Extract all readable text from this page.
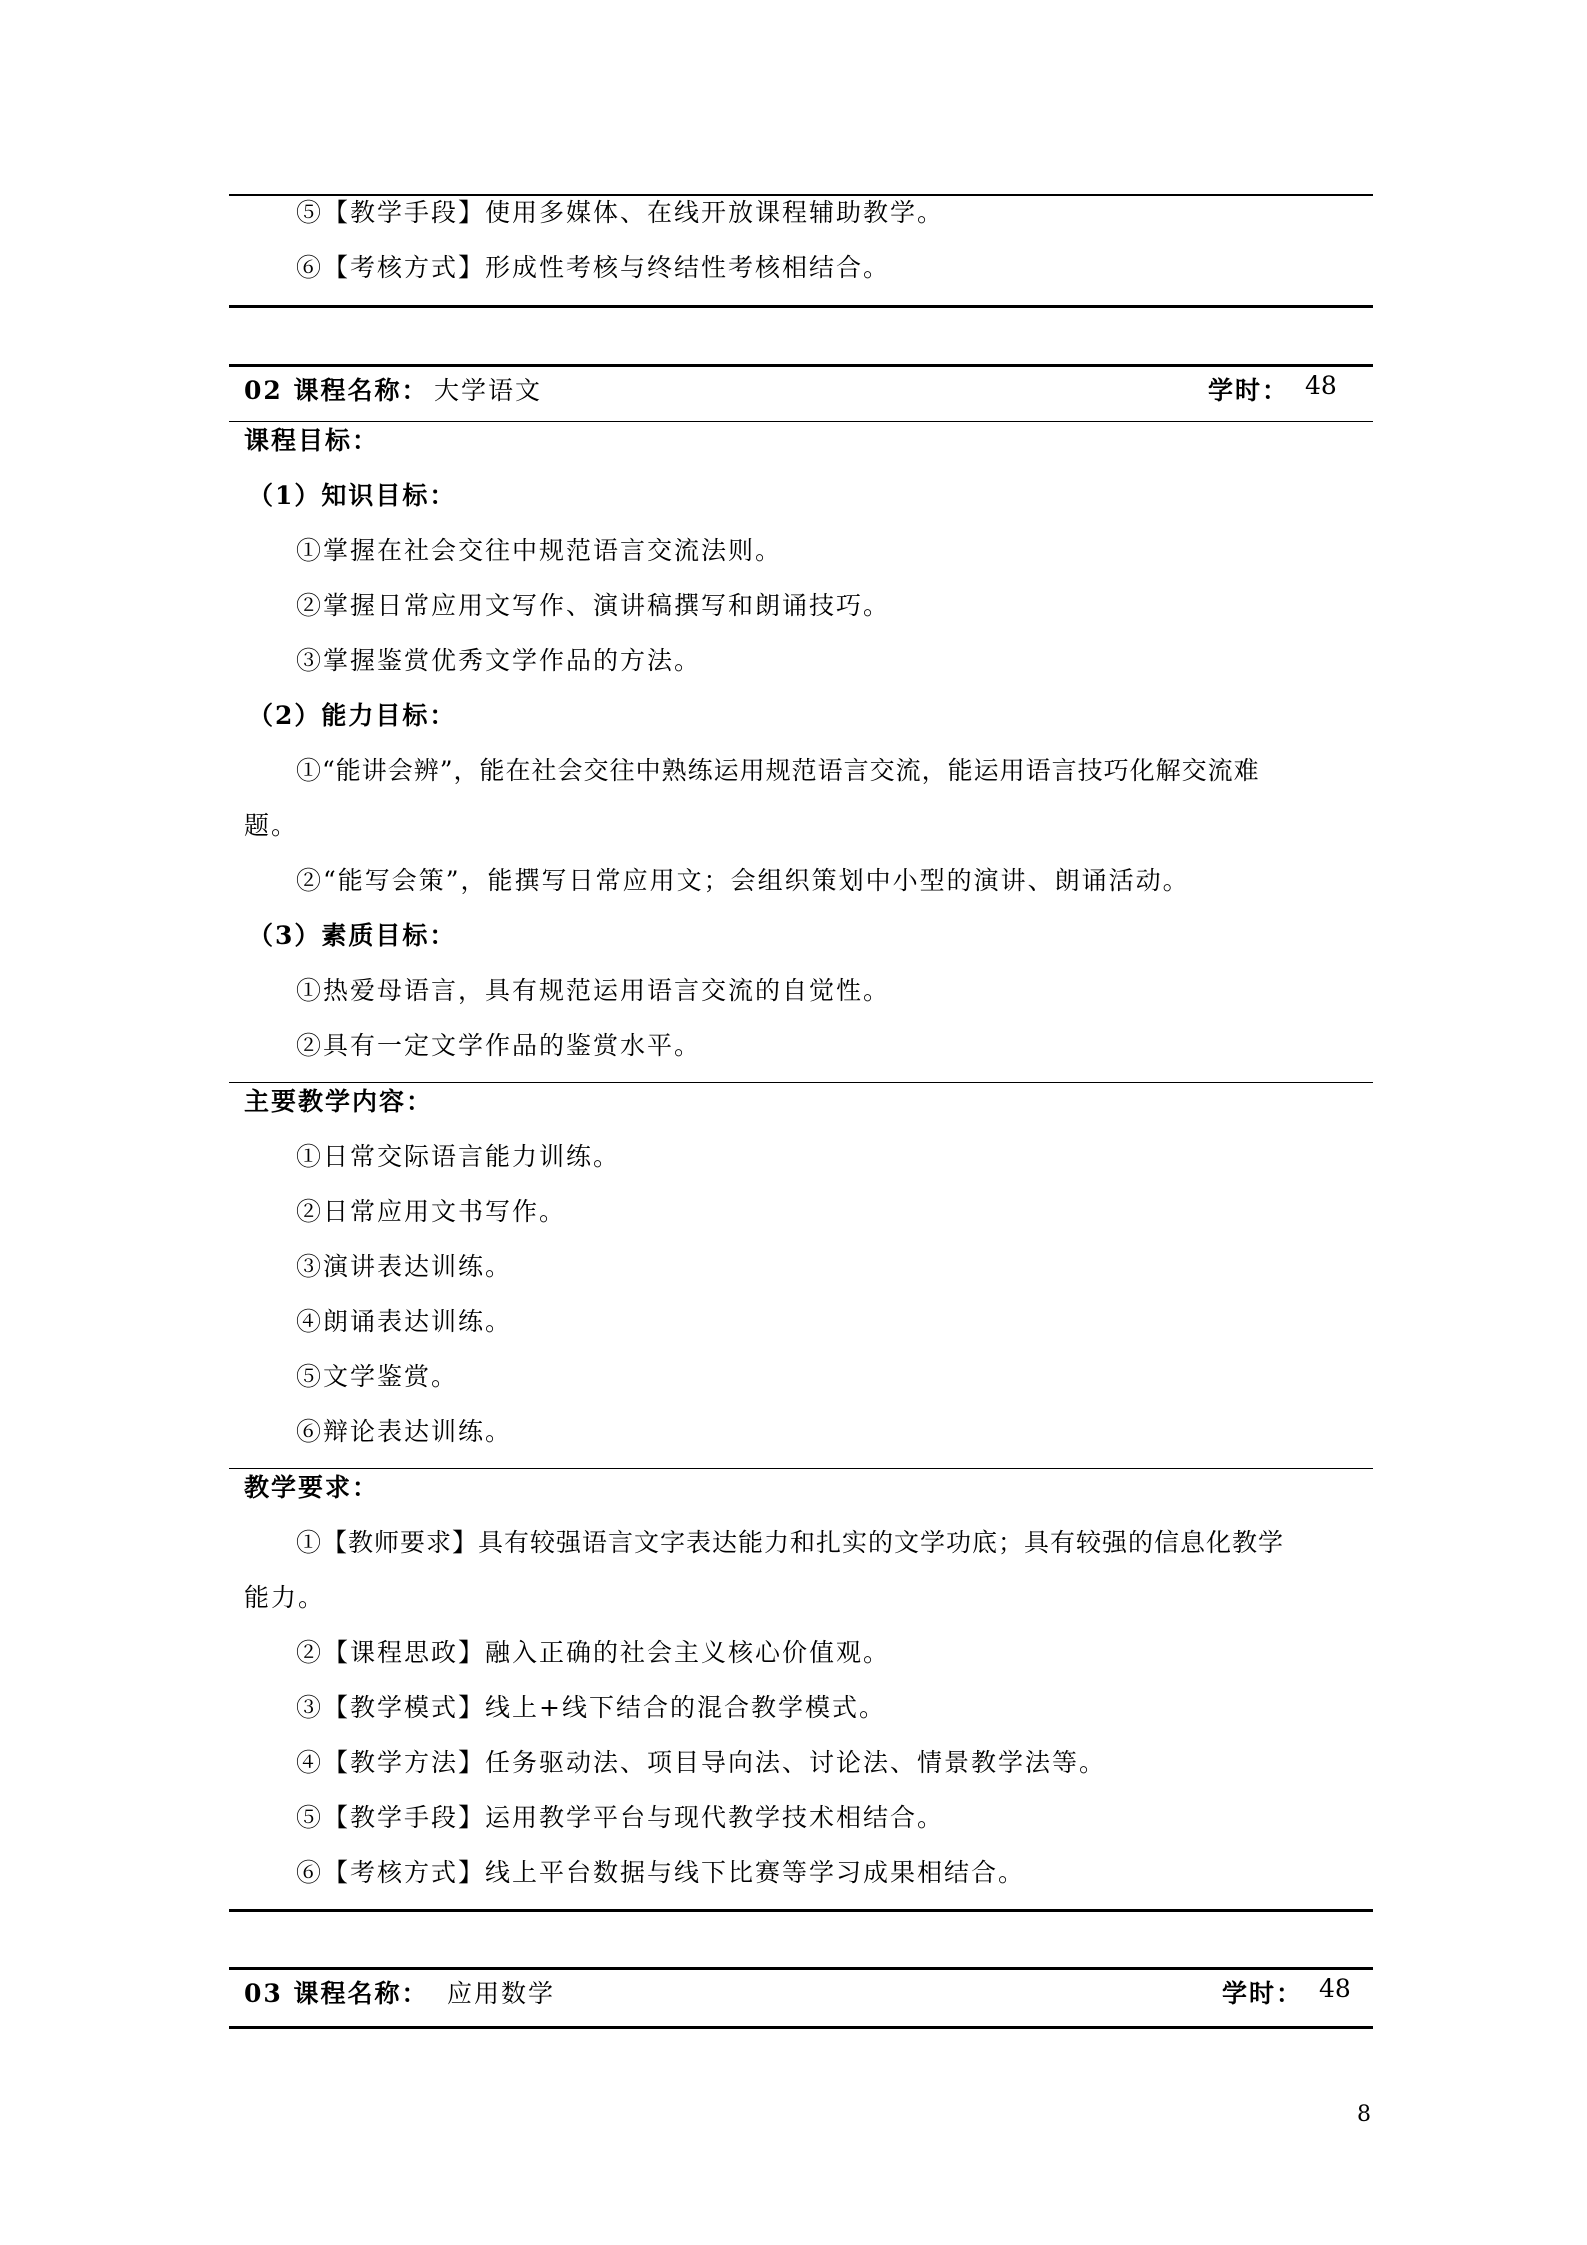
⑤【教学手段】使用多媒体、在线开放课程辅助教学。
⑥【考核方式】形成性考核与终结性考核相结合。
02 课程名称： 大学语文	学时： 48
课程目标：
（1）知识目标：
①掌握在社会交往中规范语言交流法则。
②掌握日常应用文写作、演讲稿撰写和朗诵技巧。
③掌握鉴赏优秀文学作品的方法。
（2）能力目标：
①“能讲会辨”，能在社会交往中熟练运用规范语言交流，能运用语言技巧化解交流难
题。
②“能写会策”，能撰写日常应用文；会组织策划中小型的演讲、朗诵活动。
（3）素质目标：
①热爱母语言，具有规范运用语言交流的自觉性。
②具有一定文学作品的鉴赏水平。
主要教学内容：
①日常交际语言能力训练。
②日常应用文书写作。
③演讲表达训练。
④朗诵表达训练。
⑤文学鉴赏。
⑥辩论表达训练。
教学要求：
①【教师要求】具有较强语言文字表达能力和扎实的文学功底；具有较强的信息化教学
能力。
②【课程思政】融入正确的社会主义核心价值观。
③【教学模式】线上+线下结合的混合教学模式。
④【教学方法】任务驱动法、项目导向法、讨论法、情景教学法等。
⑤【教学手段】运用教学平台与现代教学技术相结合。
⑥【考核方式】线上平台数据与线下比赛等学习成果相结合。
03 课程名称： 应用数学	学时： 48
8
